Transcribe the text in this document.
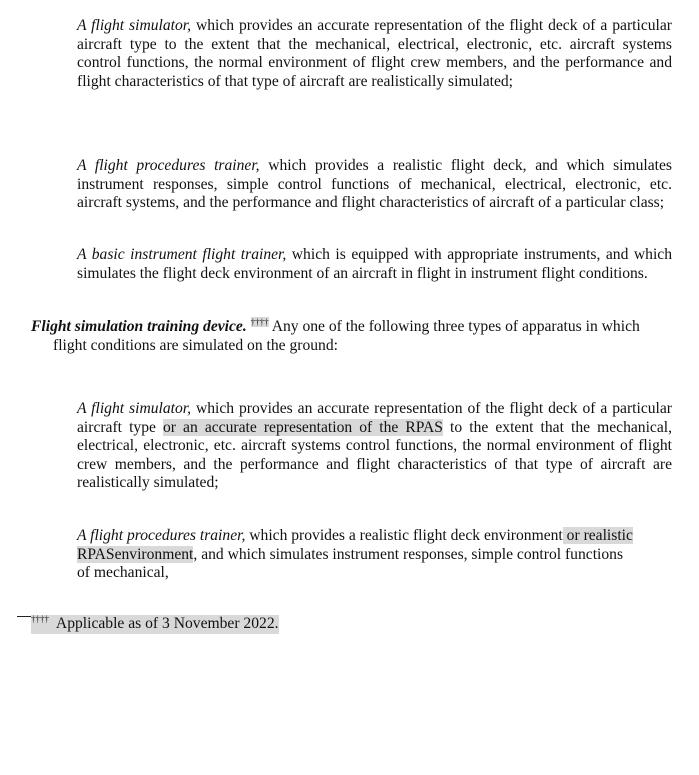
A flight simulator, which provides an accurate representation of the flight deck of a particular aircraft type to the extent that the mechanical, electrical, electronic, etc. aircraft systems control functions, the normal environment of flight crew members, and the performance and flight characteristics of that type of aircraft are realistically simulated;

A flight procedures trainer, which provides a realistic flight deck, and which simulates instrument responses, simple control functions of mechanical, electrical, electronic, etc. aircraft systems, and the performance and flight characteristics of aircraft of a particular class;

A basic instrument flight trainer, which is equipped with appropriate instruments, and which simulates the flight deck environment of an aircraft in flight in instrument flight conditions.

Flight simulation training device. †††† Any one of the following three types of apparatus in which
flight conditions are simulated on the ground:

A flight simulator, which provides an accurate representation of the flight deck of a particular aircraft type or an accurate representation of the RPAS to the extent that the mechanical, electrical, electronic, etc. aircraft systems control functions, the normal environment of flight crew members, and the performance and flight characteristics of that type of aircraft are realistically simulated;

A flight procedures trainer, which provides a realistic flight deck environment or realistic RPASenvironment, and which simulates instrument responses, simple control functions of mechanical,

††††  Applicable as of 3 November 2022.
